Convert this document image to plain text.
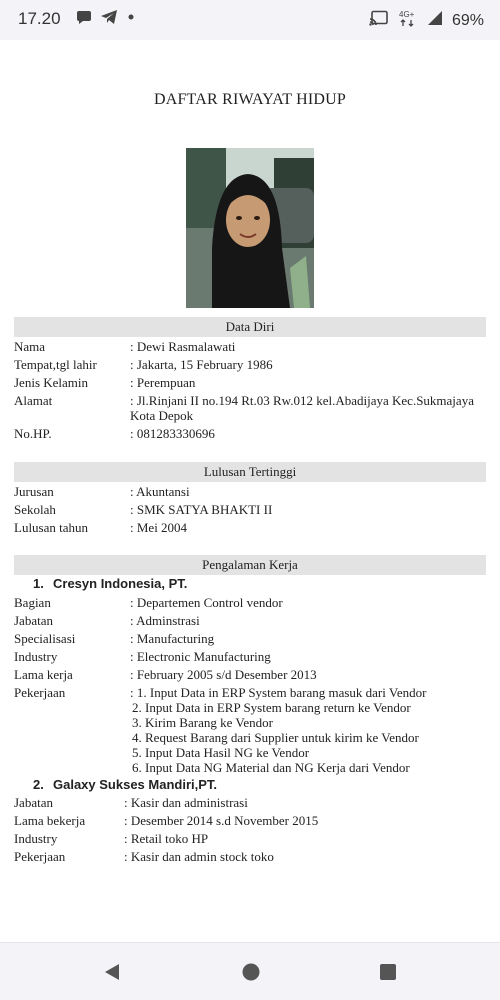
17.20	4G+ 69%
DAFTAR RIWAYAT HIDUP
Data Diri
Nama	: Dewi Rasmalawati
Tempat,tgl lahir	: Jakarta, 15 February 1986
Jenis Kelamin	: Perempuan
Alamat	: Jl.Rinjani II no.194 Rt.03 Rw.012 kel.Abadijaya Kec.Sukmajaya Kota Depok
No.HP.	: 081283330696
Lulusan Tertinggi
Jurusan	: Akuntansi
Sekolah	: SMK SATYA BHAKTI II
Lulusan tahun	: Mei 2004
Pengalaman Kerja
1. Cresyn Indonesia, PT.
Bagian	: Departemen Control vendor
Jabatan	: Adminstrasi
Specialisasi	: Manufacturing
Industry	: Electronic Manufacturing
Lama kerja	: February 2005 s/d Desember 2013
Pekerjaan	: 1. Input Data in ERP System barang masuk dari Vendor
2. Input Data in ERP System barang return ke Vendor
3. Kirim Barang ke Vendor
4. Request Barang dari Supplier untuk kirim ke Vendor
5. Input Data Hasil NG ke Vendor
6. Input Data NG Material dan NG Kerja dari Vendor
2. Galaxy Sukses Mandiri,PT.
Jabatan	: Kasir dan administrasi
Lama bekerja	: Desember 2014 s.d November 2015
Industry	: Retail toko HP
Pekerjaan	: Kasir dan admin stock toko
